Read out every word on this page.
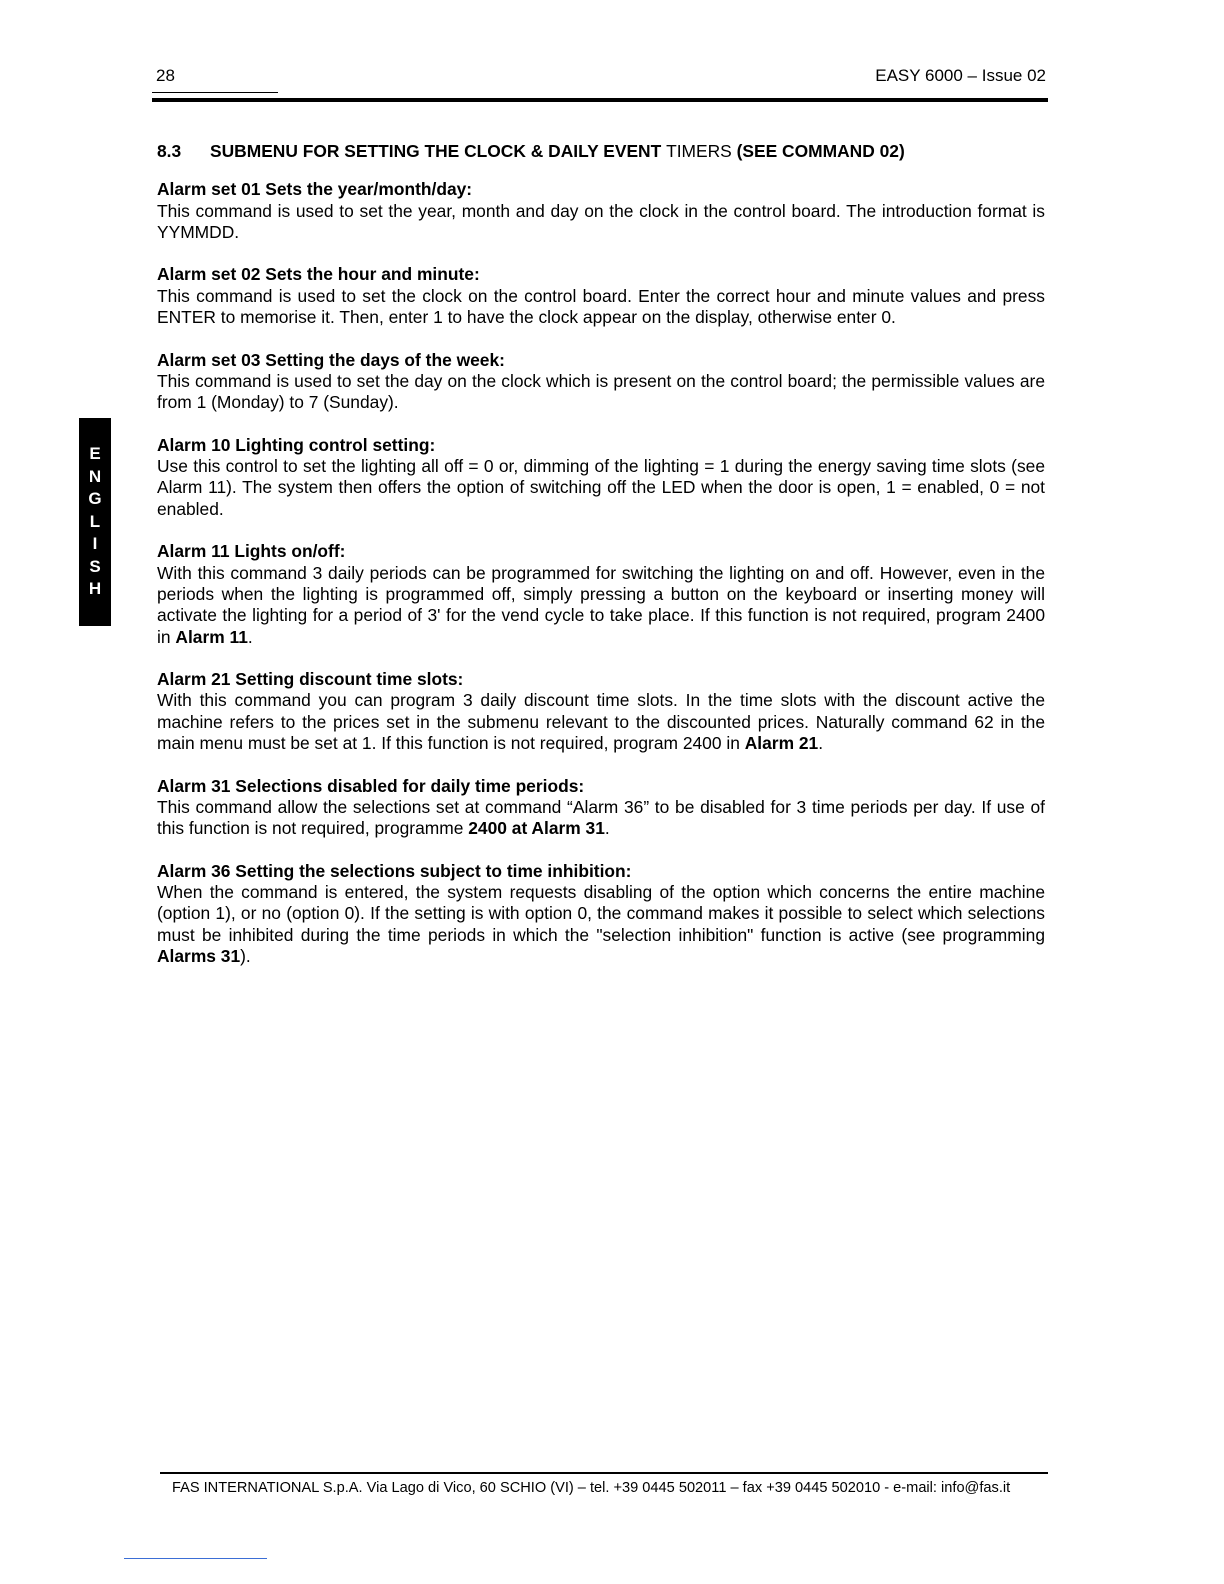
28	EASY 6000 – Issue 02
E
N
G
L
I
S
H
8.3 SUBMENU FOR SETTING THE CLOCK & DAILY EVENT TIMERS (SEE COMMAND 02)
Alarm set 01 Sets the year/month/day:

This command is used to set the year, month and day on the clock in the control board. The introduction format is YYMMDD.

Alarm set 02 Sets the hour and minute:

This command is used to set the clock on the control board. Enter the correct hour and minute values and press ENTER to memorise it. Then, enter 1 to have the clock appear on the display, otherwise enter 0.

Alarm set 03 Setting the days of the week:

This command is used to set the day on the clock which is present on the control board; the permissible values are from 1 (Monday) to 7 (Sunday).

Alarm 10 Lighting control setting:

Use this control to set the lighting all off = 0 or, dimming of the lighting = 1 during the energy saving time slots (see Alarm 11). The system then offers the option of switching off the LED when the door is open, 1 = enabled, 0 = not enabled.

Alarm 11 Lights on/off:

With this command 3 daily periods can be programmed for switching the lighting on and off. However, even in the periods when the lighting is programmed off, simply pressing a button on the keyboard or inserting money will activate the lighting for a period of 3' for the vend cycle to take place. If this function is not required, program 2400 in Alarm 11.

Alarm 21 Setting discount time slots:

With this command you can program 3 daily discount time slots. In the time slots with the discount active the machine refers to the prices set in the submenu relevant to the discounted prices. Naturally command 62 in the main menu must be set at 1. If this function is not required, program 2400 in Alarm 21.

Alarm 31 Selections disabled for daily time periods:

This command allow the selections set at command “Alarm 36” to be disabled for 3 time periods per day. If use of this function is not required, programme 2400 at Alarm 31.

Alarm 36 Setting the selections subject to time inhibition:

When the command is entered, the system requests disabling of the option which concerns the entire machine (option 1), or no (option 0). If the setting is with option 0, the command makes it possible to select which selections must be inhibited during the time periods in which the "selection inhibition" function is active (see programming Alarms 31).

FAS INTERNATIONAL S.p.A. Via Lago di Vico, 60 SCHIO (VI) – tel. +39 0445 502011 – fax +39 0445 502010 - e-mail: info@fas.it
